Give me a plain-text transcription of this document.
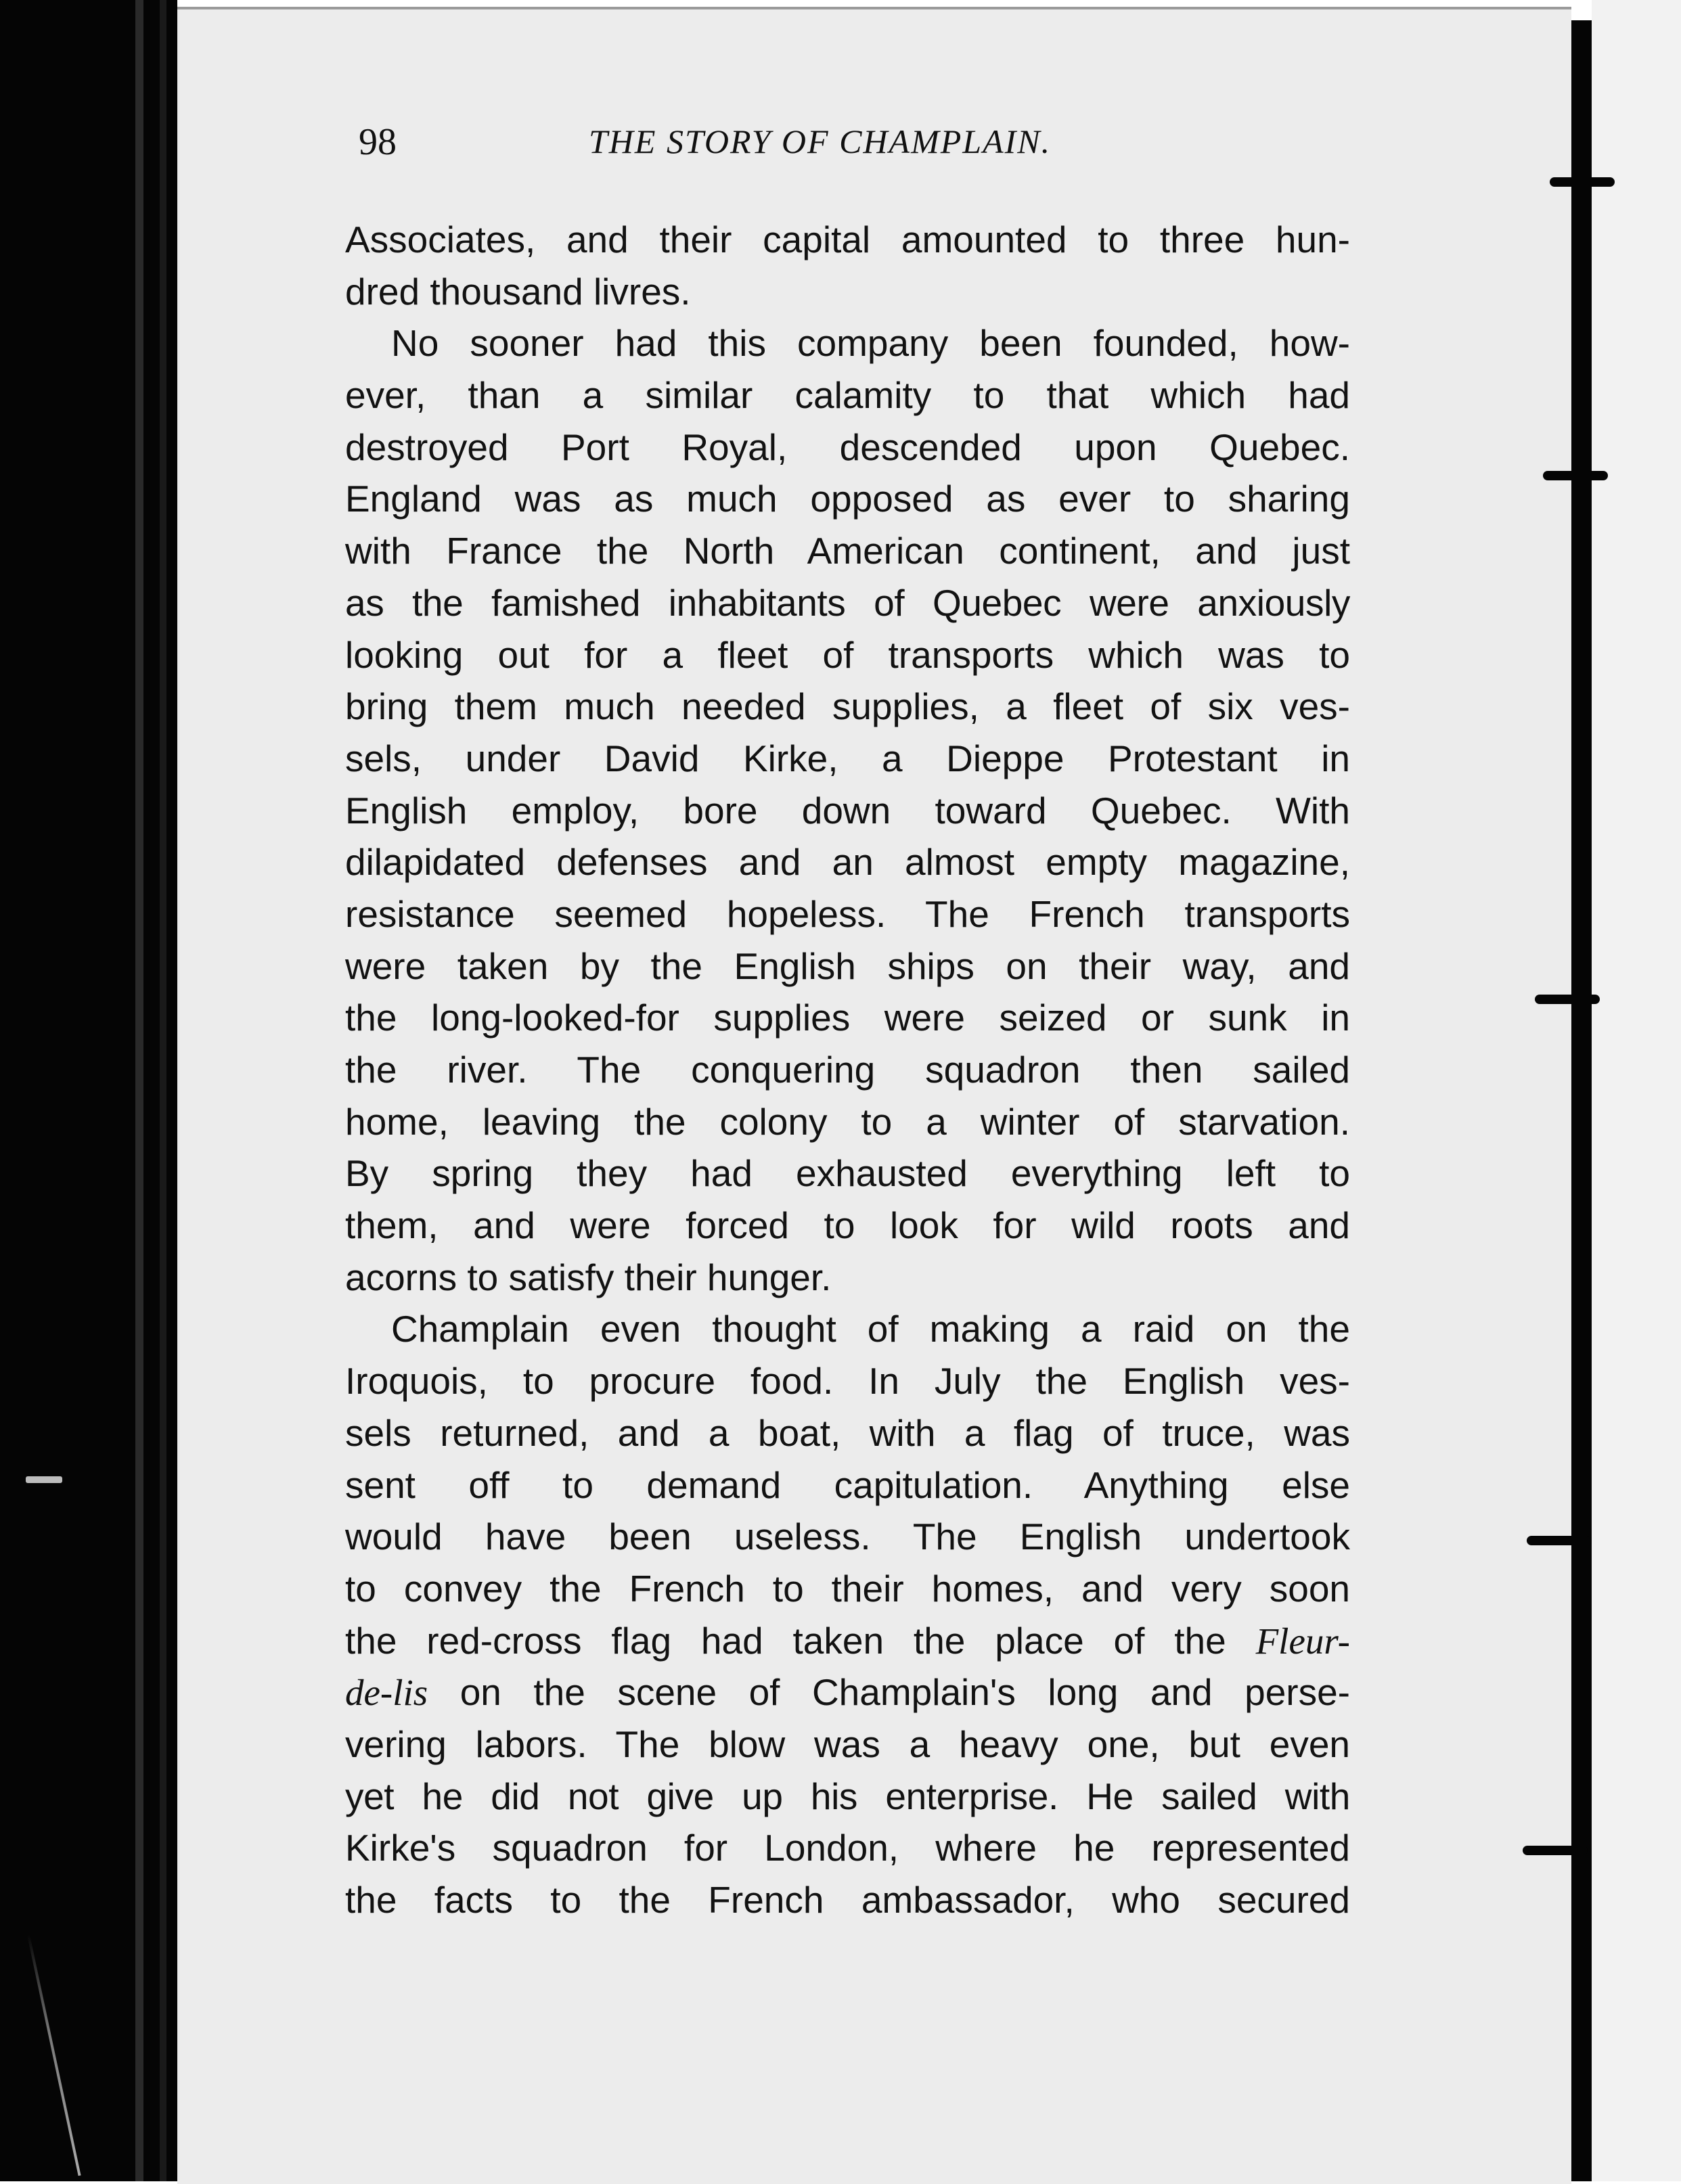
98	THE STORY OF CHAMPLAIN.
Associates, and their capital amounted to three hun-
dred thousand livres.
No sooner had this company been founded, how-
ever, than a similar calamity to that which had
destroyed Port Royal, descended upon Quebec.
England was as much opposed as ever to sharing
with France the North American continent, and just
as the famished inhabitants of Quebec were anxiously
looking out for a fleet of transports which was to
bring them much needed supplies, a fleet of six ves-
sels, under David Kirke, a Dieppe Protestant in
English employ, bore down toward Quebec. With
dilapidated defenses and an almost empty magazine,
resistance seemed hopeless. The French transports
were taken by the English ships on their way, and
the long-looked-for supplies were seized or sunk in
the river. The conquering squadron then sailed
home, leaving the colony to a winter of starvation.
By spring they had exhausted everything left to
them, and were forced to look for wild roots and
acorns to satisfy their hunger.
Champlain even thought of making a raid on the
Iroquois, to procure food. In July the English ves-
sels returned, and a boat, with a flag of truce, was
sent off to demand capitulation. Anything else
would have been useless. The English undertook
to convey the French to their homes, and very soon
the red-cross flag had taken the place of the Fleur-
de-lis on the scene of Champlain's long and perse-
vering labors. The blow was a heavy one, but even
yet he did not give up his enterprise. He sailed with
Kirke's squadron for London, where he represented
the facts to the French ambassador, who secured
